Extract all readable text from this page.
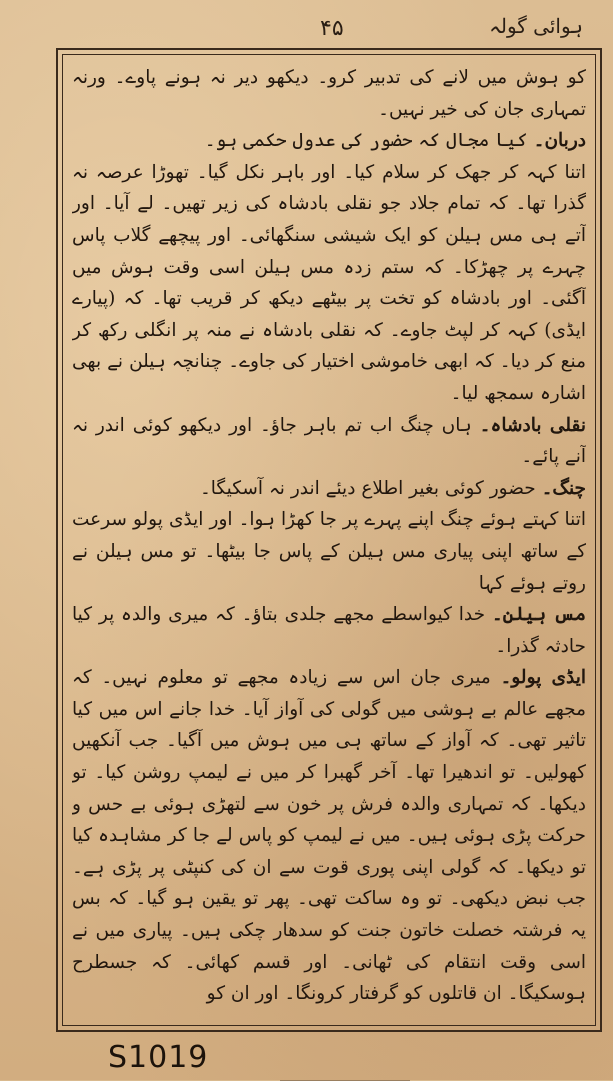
۴۵	ہوائی گولہ

کو ہوش میں لانے کی تدبیر کرو۔ دیکھو دیر نہ ہونے پاوے۔ ورنہ تمہاری جان کی خیر نہیں۔

دربان۔ کیا مجال کہ حضور کی عدول حکمی ہو۔

اتنا کہہ کر جھک کر سلام کیا۔ اور باہر نکل گیا۔ تھوڑا عرصہ نہ گذرا تھا۔ کہ تمام جلاد جو نقلی بادشاہ کی زیر تھیں۔ لے آیا۔ اور آتے ہی مس ہیلن کو ایک شیشی سنگھائی۔ اور پیچھے گلاب پاس چہرے پر چھڑکا۔ کہ ستم زدہ مس ہیلن اسی وقت ہوش میں آگئی۔ اور بادشاہ کو تخت پر بیٹھے دیکھ کر قریب تھا۔ کہ (پیارے ایڈی) کہہ کر لپٹ جاوے۔ کہ نقلی بادشاہ نے منہ پر انگلی رکھ کر منع کر دیا۔ کہ ابھی خاموشی اختیار کی جاوے۔ چنانچہ ہیلن نے بھی اشارہ سمجھ لیا۔

نقلی بادشاہ۔ ہاں چنگ اب تم باہر جاؤ۔ اور دیکھو کوئی اندر نہ آنے پائے۔

چنگ۔ حضور کوئی بغیر اطلاع دیئے اندر نہ آسکیگا۔

اتنا کہتے ہوئے چنگ اپنے پہرے پر جا کھڑا ہوا۔ اور ایڈی پولو سرعت کے ساتھ اپنی پیاری مس ہیلن کے پاس جا بیٹھا۔ تو مس ہیلن نے روتے ہوئے کہا

مس ہیلن۔ خدا کیواسطے مجھے جلدی بتاؤ۔ کہ میری والدہ پر کیا حادثہ گذرا۔

ایڈی پولو۔ میری جان اس سے زیادہ مجھے تو معلوم نہیں۔ کہ مجھے عالم بے ہوشی میں گولی کی آواز آیا۔ خدا جانے اس میں کیا تاثیر تھی۔ کہ آواز کے ساتھ ہی میں ہوش میں آگیا۔ جب آنکھیں کھولیں۔ تو اندھیرا تھا۔ آخر گھبرا کر میں نے لیمپ روشن کیا۔ تو دیکھا۔ کہ تمہاری والدہ فرش پر خون سے لتھڑی ہوئی بے حس و حرکت پڑی ہوئی ہیں۔ میں نے لیمپ کو پاس لے جا کر مشاہدہ کیا تو دیکھا۔ کہ گولی اپنی پوری قوت سے ان کی کنپٹی پر پڑی ہے۔ جب نبض دیکھی۔ تو وہ ساکت تھی۔ پھر تو یقین ہو گیا۔ کہ بس یہ فرشتہ خصلت خاتون جنت کو سدھار چکی ہیں۔ پیاری میں نے اسی وقت انتقام کی ٹھانی۔ اور قسم کھائی۔ کہ جسطرح ہوسکیگا۔ ان قاتلوں کو گرفتار کرونگا۔ اور ان کو

S1019
